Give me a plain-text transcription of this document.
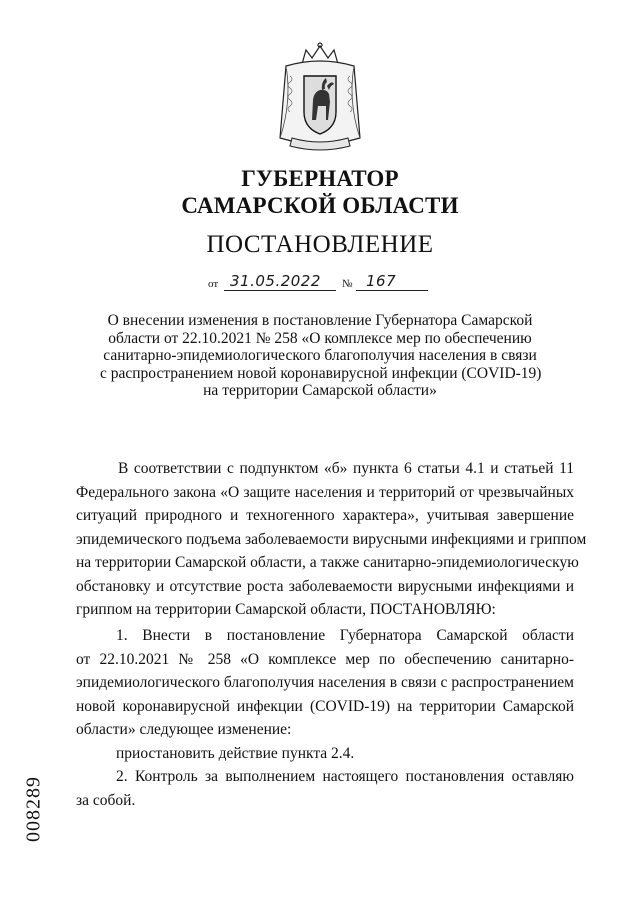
ГУБЕРНАТОР
САМАРСКОЙ ОБЛАСТИ
ПОСТАНОВЛЕНИЕ
от 31.05.2022 № 167
О внесении изменения в постановление Губернатора Самарской
области от 22.10.2021 № 258 «О комплексе мер по обеспечению
санитарно-эпидемиологического благополучия населения в связи
с распространением новой коронавирусной инфекции (COVID-19)
на территории Самарской области»
В соответствии с подпунктом «б» пункта 6 статьи 4.1 и статьей 11
Федерального закона «О защите населения и территорий от чрезвычайных
ситуаций природного и техногенного характера», учитывая завершение
эпидемического подъема заболеваемости вирусными инфекциями и гриппом
на территории Самарской области, а также санитарно-эпидемиологическую
обстановку и отсутствие роста заболеваемости вирусными инфекциями и
гриппом на территории Самарской области, ПОСТАНОВЛЯЮ:
1. Внести в постановление Губернатора Самарской области
от 22.10.2021 № 258 «О комплексе мер по обеспечению санитарно-
эпидемиологического благополучия населения в связи с распространением
новой коронавирусной инфекции (COVID-19) на территории Самарской
области» следующее изменение:
приостановить действие пункта 2.4.
2. Контроль за выполнением настоящего постановления оставляю
за собой.
008289
